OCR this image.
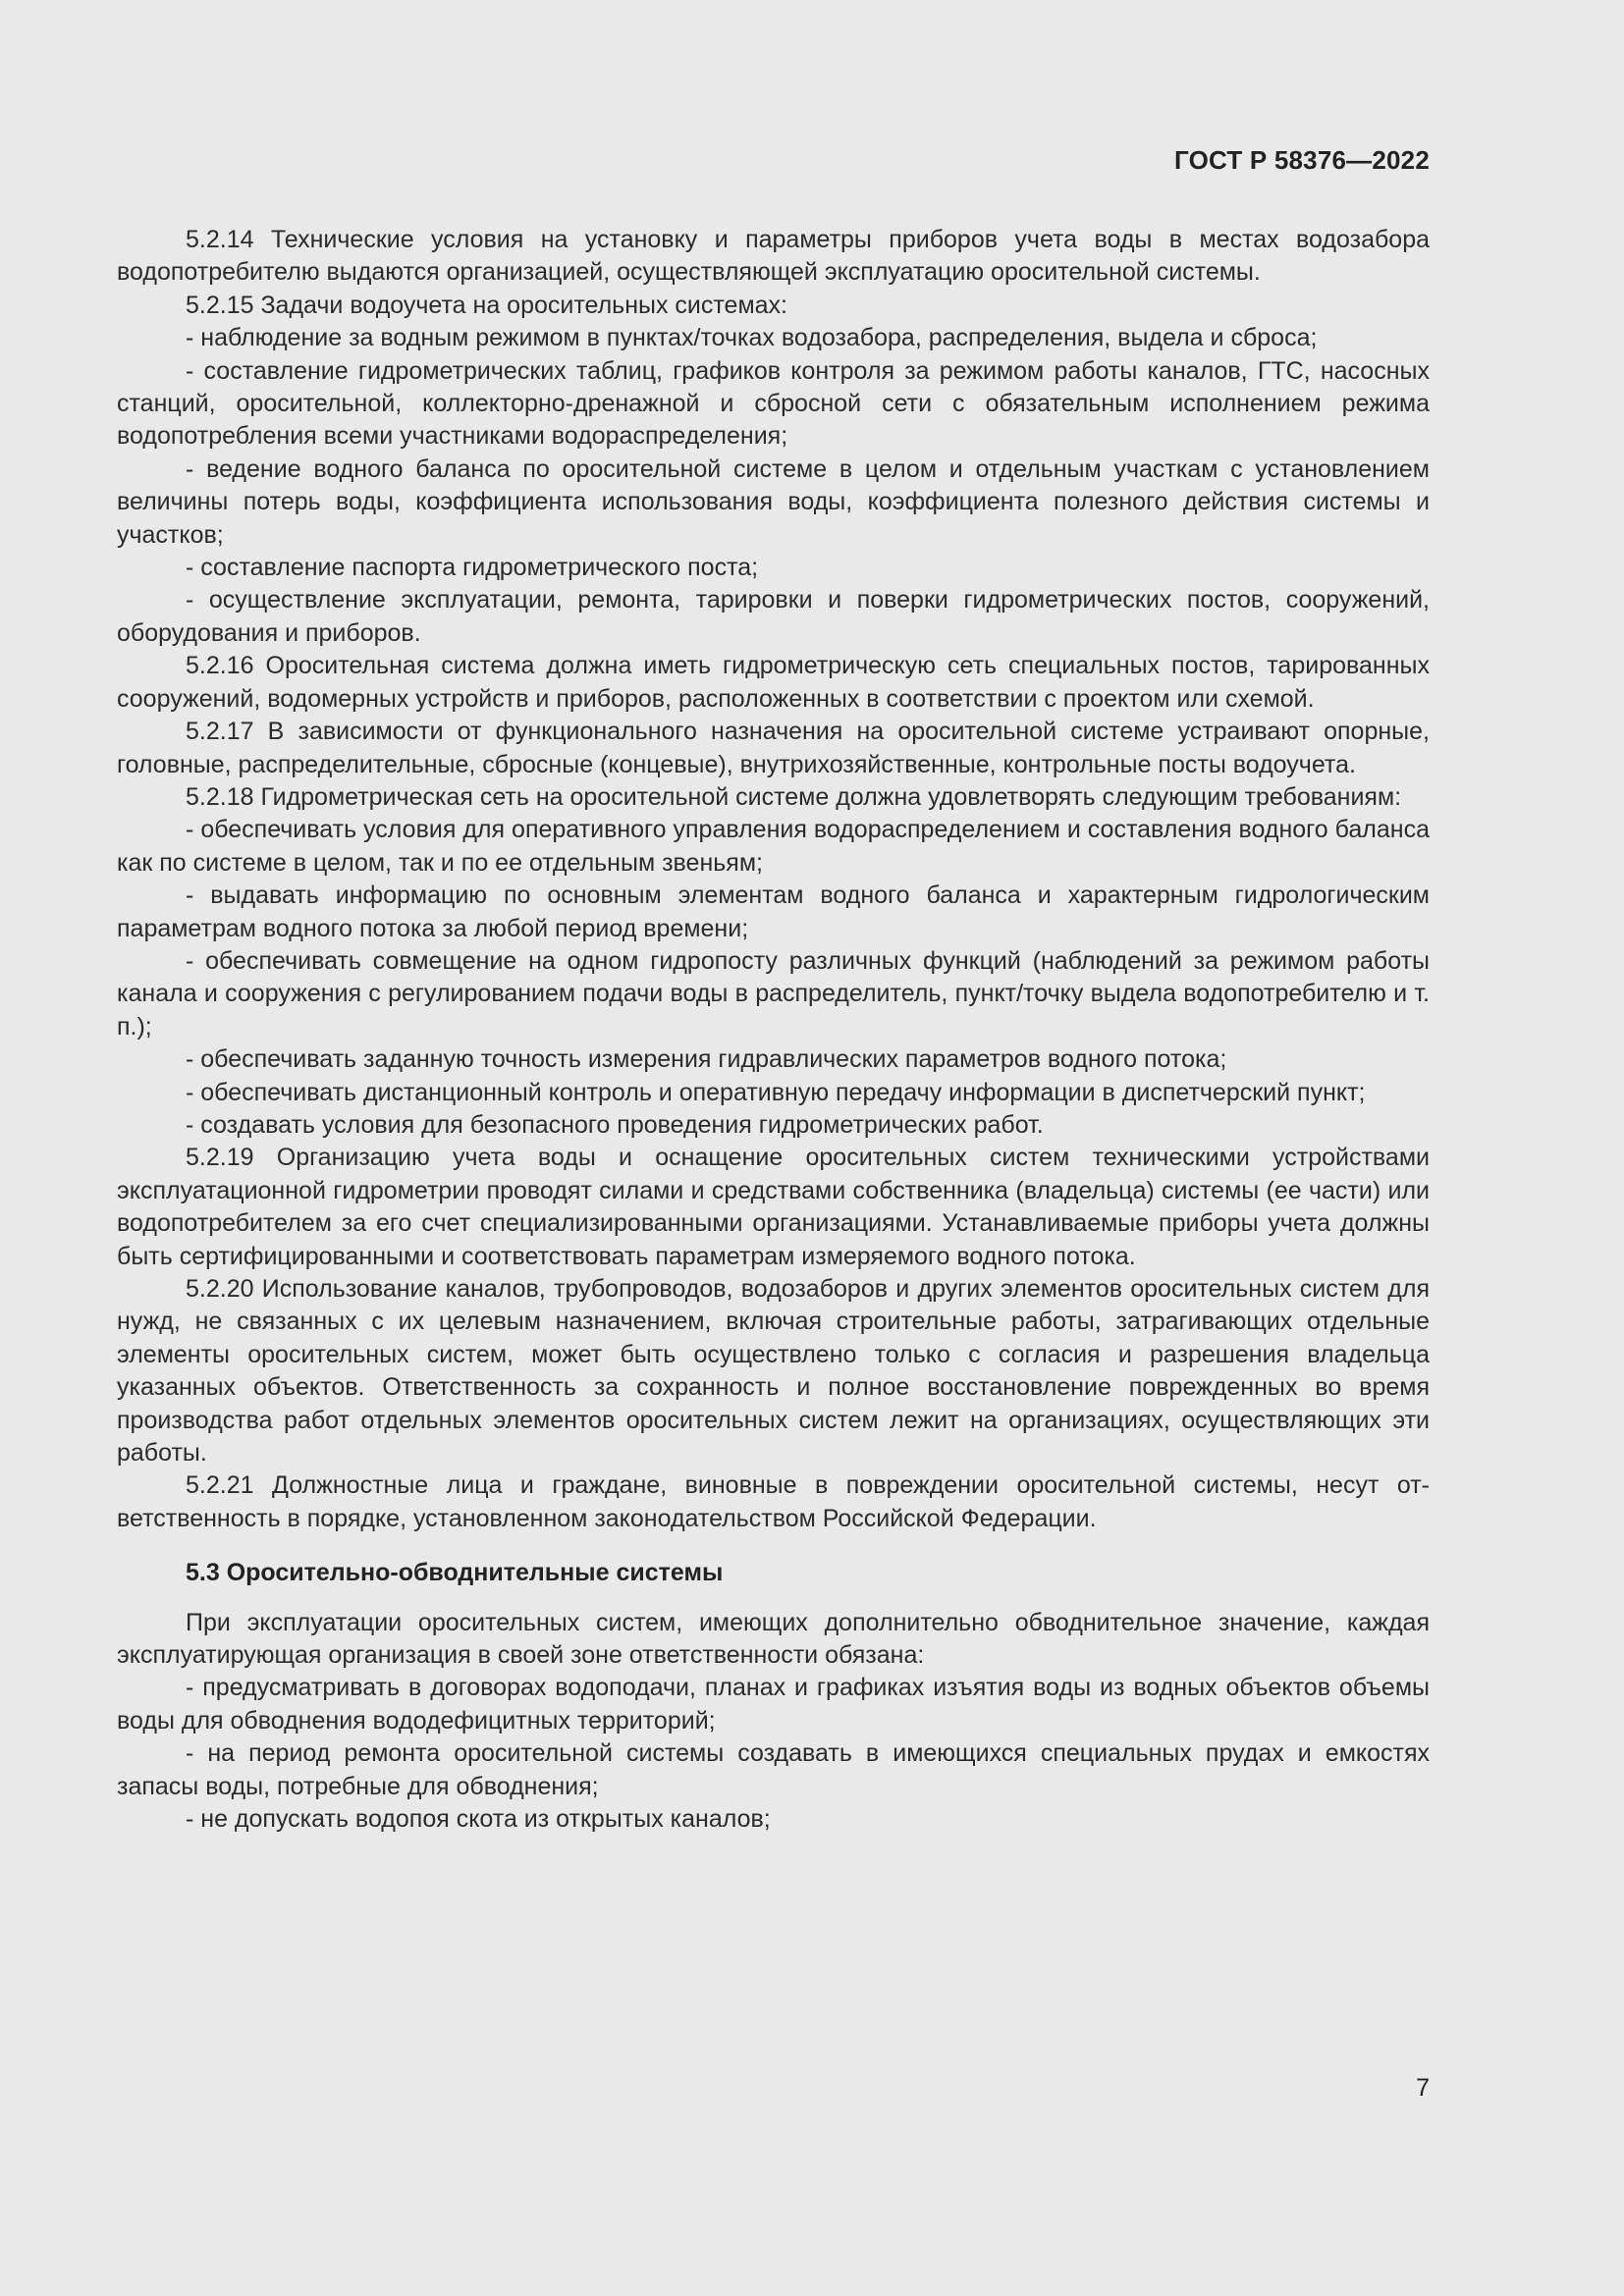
ГОСТ Р 58376—2022

5.2.14 Технические условия на установку и параметры приборов учета воды в местах водозабора водопотребителю выдаются организацией, осуществляющей эксплуатацию оросительной системы.

5.2.15 Задачи водоучета на оросительных системах:

- наблюдение за водным режимом в пунктах/точках водозабора, распределения, выдела и сброса;

- составление гидрометрических таблиц, графиков контроля за режимом работы каналов, ГТС, насосных станций, оросительной, коллекторно-дренажной и сбросной сети с обязательным исполнением режима водопотребления всеми участниками водораспределения;

- ведение водного баланса по оросительной системе в целом и отдельным участкам с установлением величины потерь воды, коэффициента использования воды, коэффициента полезного действия системы и участков;

- составление паспорта гидрометрического поста;

- осуществление эксплуатации, ремонта, тарировки и поверки гидрометрических постов, сооружений, оборудования и приборов.

5.2.16 Оросительная система должна иметь гидрометрическую сеть специальных постов, тарированных сооружений, водомерных устройств и приборов, расположенных в соответствии с проектом или схемой.

5.2.17 В зависимости от функционального назначения на оросительной системе устраивают опорные, головные, распределительные, сбросные (концевые), внутрихозяйственные, контрольные посты водоучета.

5.2.18 Гидрометрическая сеть на оросительной системе должна удовлетворять следующим требованиям:

- обеспечивать условия для оперативного управления водораспределением и составления водного баланса как по системе в целом, так и по ее отдельным звеньям;

- выдавать информацию по основным элементам водного баланса и характерным гидрологическим параметрам водного потока за любой период времени;

- обеспечивать совмещение на одном гидропосту различных функций (наблюдений за режимом работы канала и сооружения с регулированием подачи воды в распределитель, пункт/точку выдела водопотребителю и т. п.);

- обеспечивать заданную точность измерения гидравлических параметров водного потока;

- обеспечивать дистанционный контроль и оперативную передачу информации в диспетчерский пункт;

- создавать условия для безопасного проведения гидрометрических работ.

5.2.19 Организацию учета воды и оснащение оросительных систем техническими устройствами эксплуатационной гидрометрии проводят силами и средствами собственника (владельца) системы (ее части) или водопотребителем за его счет специализированными организациями. Устанавливаемые приборы учета должны быть сертифицированными и соответствовать параметрам измеряемого водного потока.

5.2.20 Использование каналов, трубопроводов, водозаборов и других элементов оросительных систем для нужд, не связанных с их целевым назначением, включая строительные работы, затрагивающих отдельные элементы оросительных систем, может быть осуществлено только с согласия и разрешения владельца указанных объектов. Ответственность за сохранность и полное восстановление поврежденных во время производства работ отдельных элементов оросительных систем лежит на организациях, осуществляющих эти работы.

5.2.21 Должностные лица и граждане, виновные в повреждении оросительной системы, несут ответственность в порядке, установленном законодательством Российской Федерации.

5.3 Оросительно-обводнительные системы

При эксплуатации оросительных систем, имеющих дополнительно обводнительное значение, каждая эксплуатирующая организация в своей зоне ответственности обязана:

- предусматривать в договорах водоподачи, планах и графиках изъятия воды из водных объектов объемы воды для обводнения вододефицитных территорий;

- на период ремонта оросительной системы создавать в имеющихся специальных прудах и емкостях запасы воды, потребные для обводнения;

- не допускать водопоя скота из открытых каналов;

7
